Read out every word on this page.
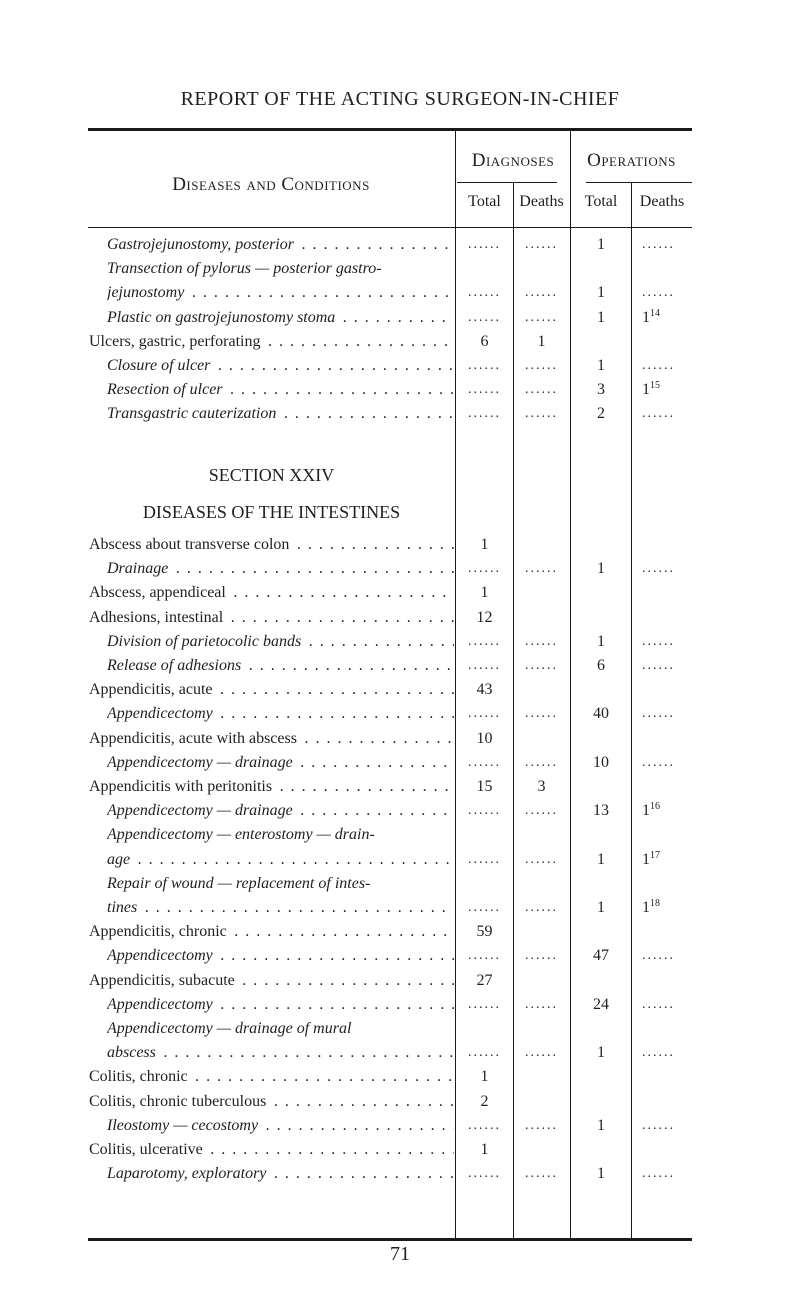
REPORT OF THE ACTING SURGEON-IN-CHIEF
Diseases and Conditions
Diagnoses	Operations
Total	Deaths	Total	Deaths
Gastrojejunostomy, posterior . . .	......	......	1	......
Transection of pylorus — posterior gastro-
jejunostomy . . .	......	......	1	......
Plastic on gastrojejunostomy stoma . . .	......	......	1	$1^{14}$
Ulcers, gastric, perforating . . .	6	1
Closure of ulcer . . .	......	......	1	......
Resection of ulcer . . .	......	......	3	$1^{15}$
Transgastric cauterization . . .	......	......	2	......
SECTION XXIV
DISEASES OF THE INTESTINES
Abscess about transverse colon . . .	1
Drainage . . .	......	......	1	......
Abscess, appendiceal . . .	1
Adhesions, intestinal . . .	12
Division of parietocolic bands . . .	......	......	1	......
Release of adhesions . . .	......	......	6	......
Appendicitis, acute . . .	43
Appendicectomy . . .	......	......	40	......
Appendicitis, acute with abscess . . .	10
Appendicectomy — drainage . . .	......	......	10	......
Appendicitis with peritonitis . . .	15	3
Appendicectomy — drainage . . .	......	......	13	$1^{16}$
Appendicectomy — enterostomy — drain-
age . . .	......	......	1	$1^{17}$
Repair of wound — replacement of intes-
tines . . .	......	......	1	$1^{18}$
Appendicitis, chronic . . .	59
Appendicectomy . . .	......	......	47	......
Appendicitis, subacute . . .	27
Appendicectomy . . .	......	......	24	......
Appendicectomy — drainage of mural
abscess . . .	......	......	1	......
Colitis, chronic . . .	1
Colitis, chronic tuberculous . . .	2
Ileostomy — cecostomy . . .	......	......	1	......
Colitis, ulcerative . . .	1
Laparotomy, exploratory . . .	......	......	1	......
71
